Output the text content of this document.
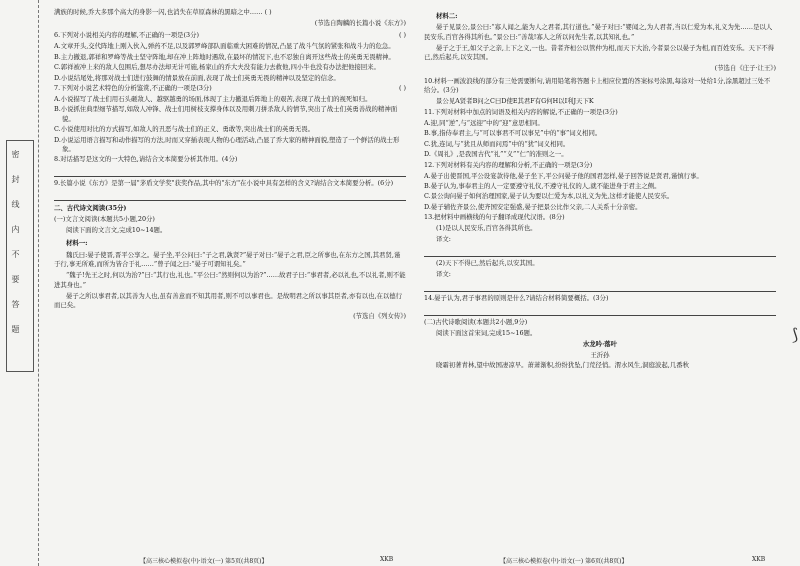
密
封
线
内
不
要
答
题

满族的时候,乔大多那个高大的身影一闪,也消失在草原森林的黑暗之中…… ( )

(节选自陶麟的长篇小说《东方》)

6.下列对小说相关内容的理解,不正确的一项是(3分)	( )

A.文章开头,交代阵地上刚入伙入,弹药不足,以及郭罗峰部队面临重大困难的情况,凸显了战斗气氛的紧张和战斗力的危急。

B.主力撤退,郭祥和罗峰等战士坚守阵地,却在冲上阵地时遇敌,在最坏的情况下,也不忍独自离开这些战士的英勇无畏精神。

C.郭祥被冲上来的敌人包围后,想尽办法却无计可施,杨家山的乔大夫没有能力去救他,四小牛也没有办法把他接回来。

D.小说结尾处,将那对战士们进行鼓舞的情景放在前面,表现了战士们英勇无畏的精神以及坚定的信念。

7.下列对小说艺术特色的分析鉴赏,不正确的一项是(3分)	( )

A.小说描写了战士们用石头砸敌人、越驱越勇的场面,体现了主力撤退后阵地上的艰苦,表现了战士们的视死如归。

B.小说抓住典型细节描写,如敌人冲锋、战士们用树枝支撑身体以及用刺刀拼杀敌人的情节,突出了战士们英勇善战的精神面貌。

C.小说使用对比的方式描写,如敌人的丑恶与战士们的正义、勇敢等,突出战士们的英勇无畏。

D.小说运用语言描写和动作描写的方法,时而又穿插表现人物的心理活动,凸显了乔大家的精神面貌,塑造了一个鲜活的战士形象。

8.对话描写是这文的一大特色,请结合文本简要分析其作用。(4分)

9.长篇小说《东方》是第一届"茅盾文学奖"获奖作品,其中的"东方"在小说中具有怎样的含义?请结合文本简要分析。(6分)

二、古代诗文阅读(35分)

(一)文言文阅读(本题共5小题,20分)

阅读下面的文言文,完成10~14题。

材料一:

魏氏曰:晏子使晋,晋平公享之。晏子坐,平公问曰:“子之君,孰贤?”晏子对曰:“晏子之君,臣之所事也,在东方之国,其君贤,谨于行,事无所难,而所为皆合于礼……”曾子闻之曰:“晏子可谓知礼矣。”

“魏子!先王之时,何以为治?”曰:“其行也,礼也。”平公曰:“然则何以为治?”……故君子曰:“事君者,必以礼也,不以礼者,则不能进其身也。”

晏子之所以事君者,以其善为人也,虽有善意而不知其用者,则不可以事君也。是故明君之所以事其臣者,亦有以也,在以德行而已矣。

(节选自《列女传》)

【高三核心模拟卷(中)·语文(一) 第5页(共8页)】	XKB

材料二:

晏子见景公,景公曰:“寡人闻之,能为人之君者,其行道也。”晏子对曰:“婴闻之,为人君者,当以仁爱为本,礼义为先……是以人民安乐,百官各得其所也。”景公曰:“善哉!寡人之所以问先生者,以其知礼也。”

晏子之于王,如父子之亲,上下之义,一也。昔者齐桓公以管仲为相,而天下大治,今者景公以晏子为相,而百姓安乐。天下不得已,然后起兵,以安其国。

(节选自《庄子·让王》)

10.材料一画波浪线的部分有三处需要断句,请用铅笔将答题卡上相应位置的答案标号涂黑,每涂对一处给1分,涂黑超过三处不给分。(3分)

景公见A贤者B问之C曰D使E其君F有G何H以I利J天下K

11.下列对材料中加点的词语及相关内容的解说,不正确的一项是(3分)

A.迎,同“逆”,与“远迎”中的“迎”意思相同。

B.事,指侍奉君主,与“可以事君不可以事兄”中的“事”词义相同。

C.犹,连词,与“犹且从师而问焉”中的“犹”词义相同。

D.《周礼》,是我国古代“礼”“义”“仁”的准则之一。

12.下列对材料有关内容的理解和分析,不正确的一项是(3分)

A.晏子出使晋国,平公设宴款待他,晏子坐下,平公问晏子他的国君怎样,晏子回答说是贤君,谨慎行事。

B.晏子认为,事奉君主的人一定要遵守礼仪,不遵守礼仪的人,就不能进身于君主之侧。

C.景公询问晏子如何治理国家,晏子认为要以仁爱为本,以礼义为先,这样才能使人民安乐。

D.晏子辅佐齐景公,使齐国安定强盛,晏子把景公比作父亲,二人关系十分亲密。

13.把材料中画横线的句子翻译成现代汉语。(8分)

(1)是以人民安乐,百官各得其所也。

译文:

(2)天下不得已,然后起兵,以安其国。

译文:

14.晏子认为,君子事君的原则是什么?请结合材料简要概括。(3分)

(二)古代诗歌阅读(本题共2小题,9分)

阅读下面这首宋词,完成15~16题。

水龙吟·落叶

王沂孙

晓霜初著青林,望中故国凄凉早。萧萧渐积,纷纷犹坠,门荒径悄。渭水风生,洞庭波起,几番秋

【高三核心模拟卷(中)·语文(一) 第6页(共8页)】	XKB
⟆
